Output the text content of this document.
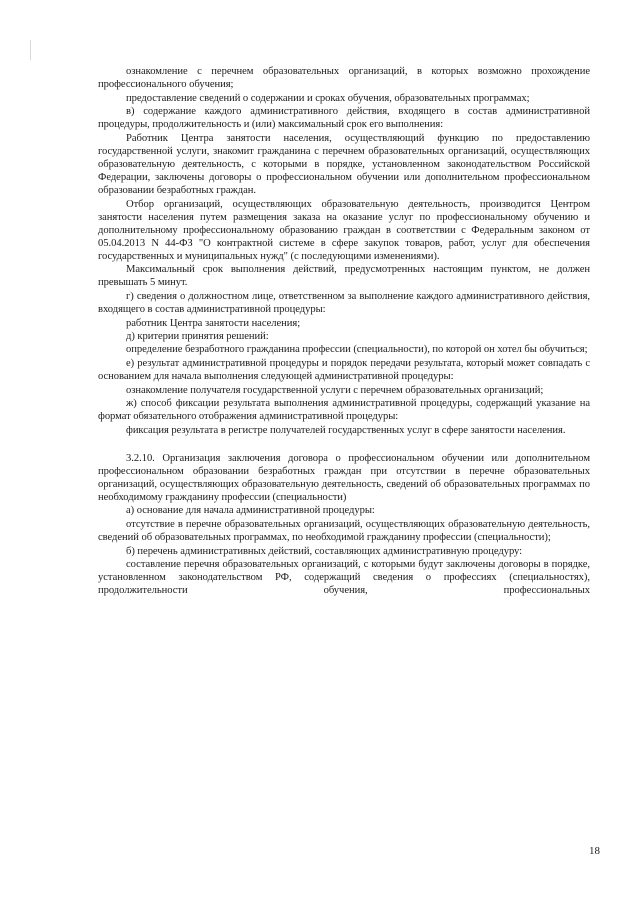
ознакомление с перечнем образовательных организаций, в которых возможно прохождение профессионального обучения;

предоставление сведений о содержании и сроках обучения, образовательных программах;

в) содержание каждого административного действия, входящего в состав административной процедуры, продолжительность и (или) максимальный срок его выполнения:

Работник Центра занятости населения, осуществляющий функцию по предоставлению государственной услуги, знакомит гражданина с перечнем образовательных организаций, осуществляющих образовательную деятельность, с которыми в порядке, установленном законодательством Российской Федерации, заключены договоры о профессиональном обучении или дополнительном профессиональном образовании безработных граждан.

Отбор организаций, осуществляющих образовательную деятельность, производится Центром занятости населения путем размещения заказа на оказание услуг по профессиональному обучению и дополнительному профессиональному образованию граждан в соответствии с Федеральным законом от 05.04.2013 N 44-ФЗ "О контрактной системе в сфере закупок товаров, работ, услуг для обеспечения государственных и муниципальных нужд" (с последующими изменениями).

Максимальный срок выполнения действий, предусмотренных настоящим пунктом, не должен превышать 5 минут.

г) сведения о должностном лице, ответственном за выполнение каждого административного действия, входящего в состав административной процедуры:

работник Центра занятости населения;

д) критерии принятия решений:

определение безработного гражданина профессии (специальности), по которой он хотел бы обучиться;

е) результат административной процедуры и порядок передачи результата, который может совпадать с основанием для начала выполнения следующей административной процедуры:

ознакомление получателя государственной услуги с перечнем образовательных организаций;

ж) способ фиксации результата выполнения административной процедуры, содержащий указание на формат обязательного отображения административной процедуры:

фиксация результата в регистре получателей государственных услуг в сфере занятости населения.

3.2.10. Организация заключения договора о профессиональном обучении или дополнительном профессиональном образовании безработных граждан при отсутствии в перечне образовательных организаций, осуществляющих образовательную деятельность, сведений об образовательных программах по необходимому гражданину профессии (специальности)

а) основание для начала административной процедуры:

отсутствие в перечне образовательных организаций, осуществляющих образовательную деятельность, сведений об образовательных программах, по необходимой гражданину профессии (специальности);

б) перечень административных действий, составляющих административную процедуру:

составление перечня образовательных организаций, с которыми будут заключены договоры в порядке, установленном законодательством РФ, содержащий сведения о профессиях (специальностях), продолжительности обучения, профессиональных

18
